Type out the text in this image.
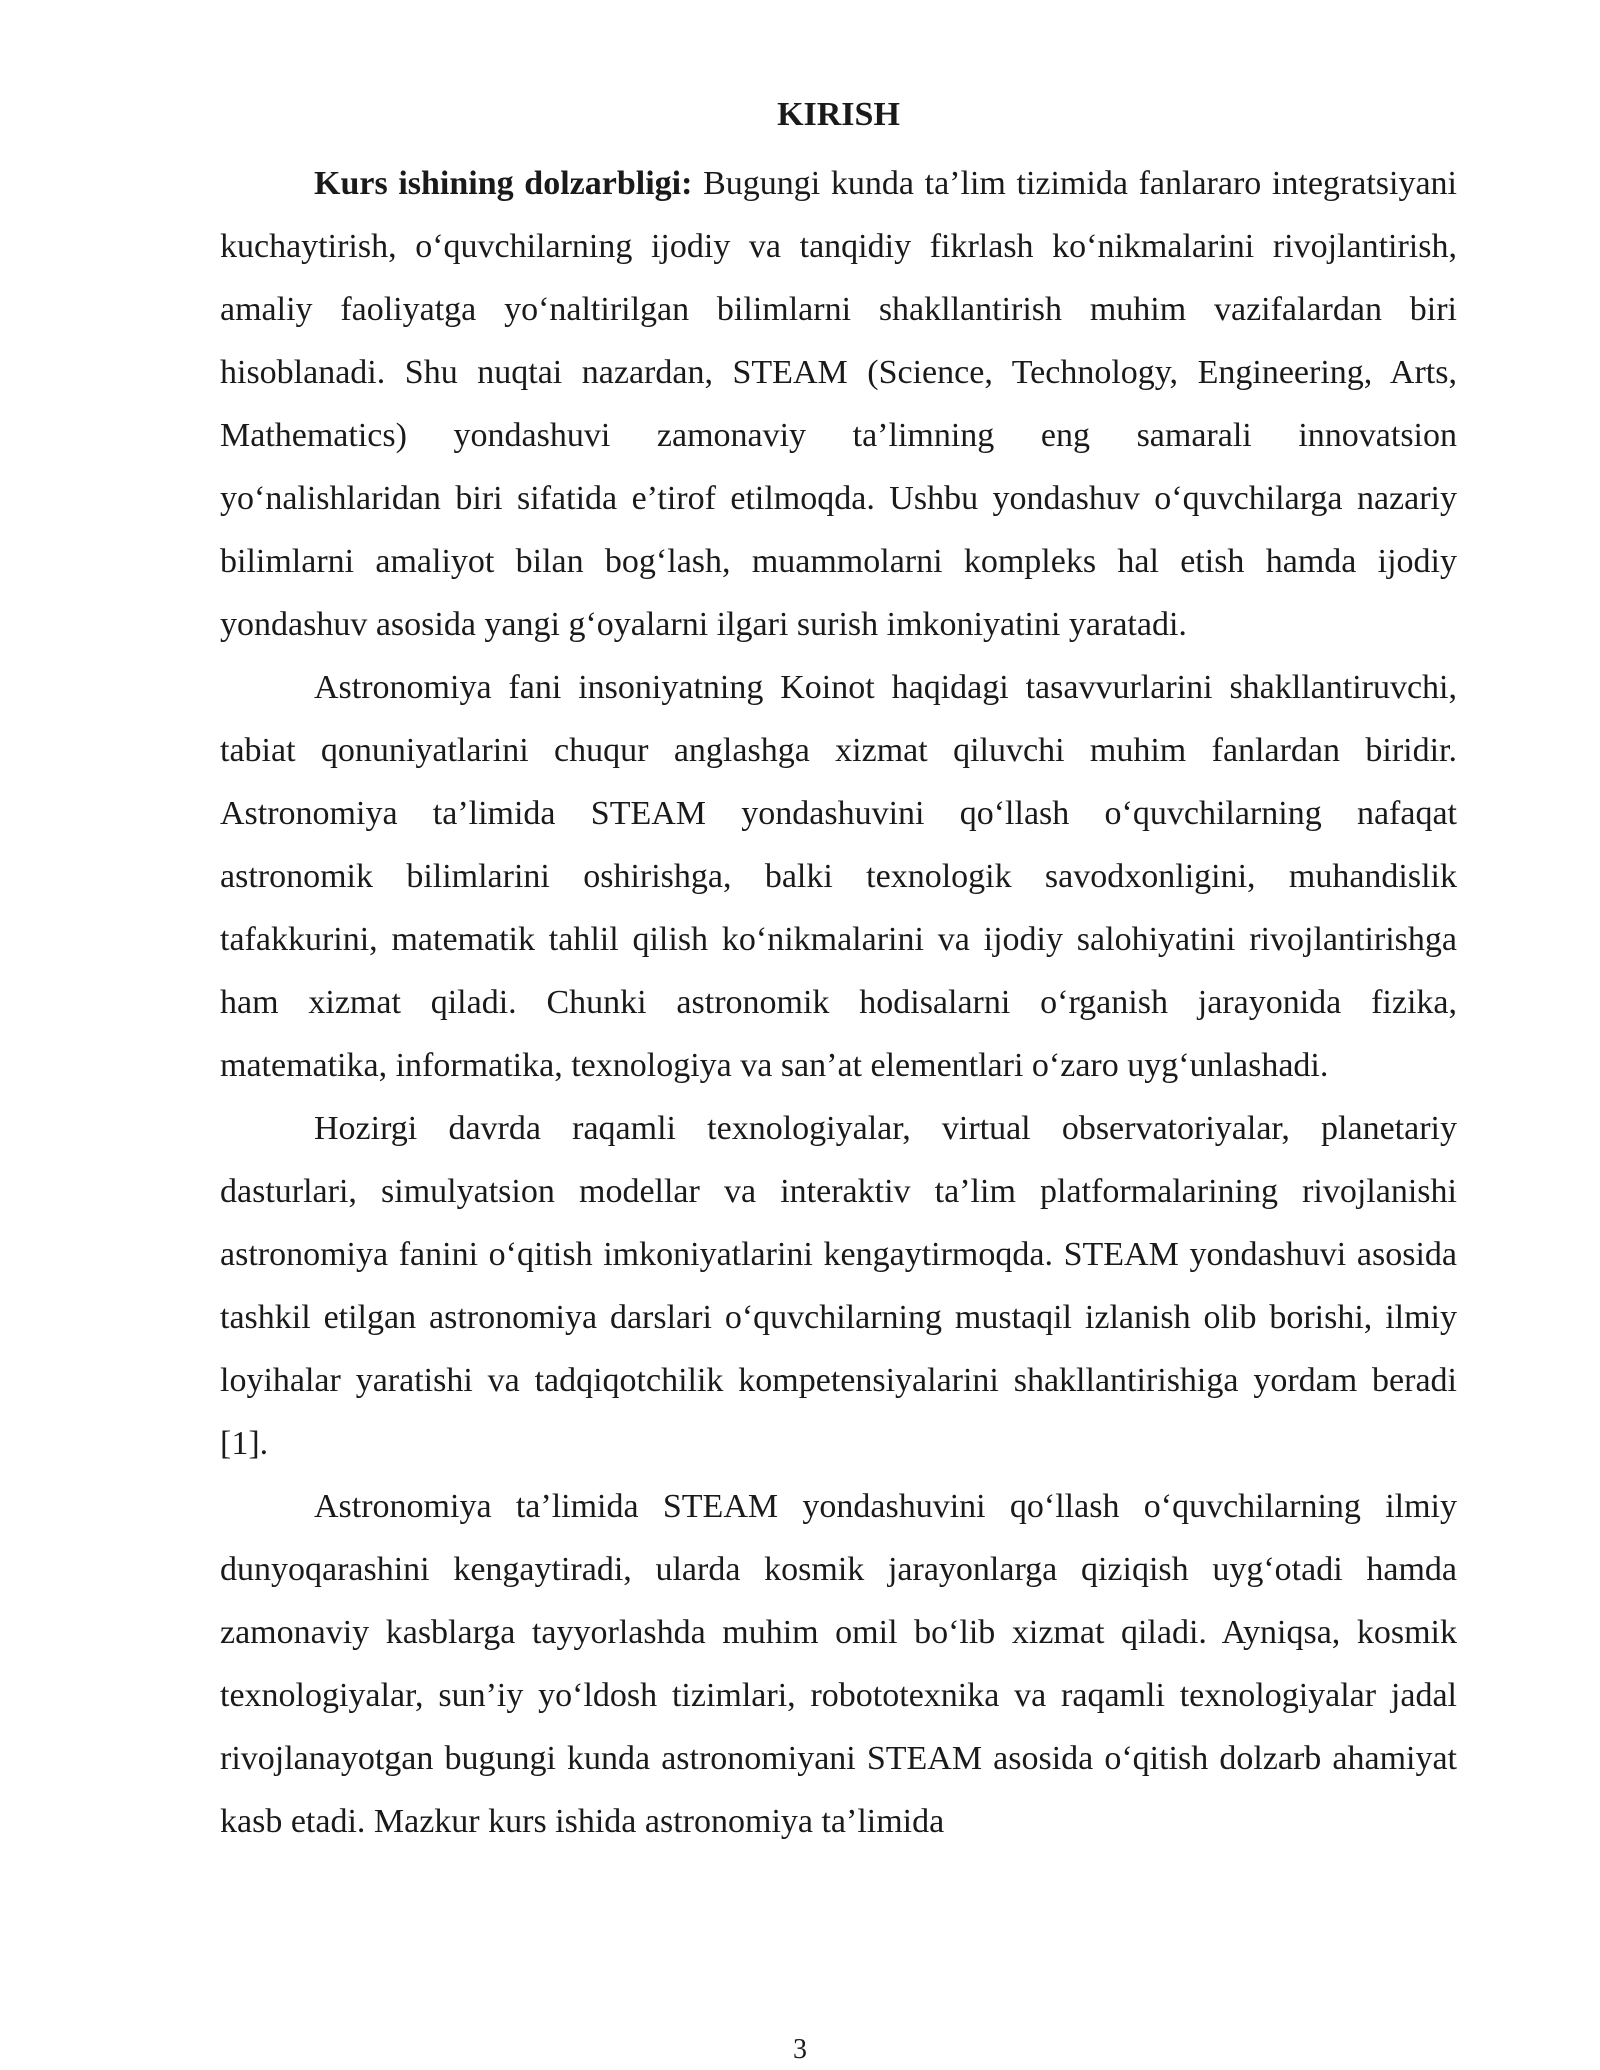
KIRISH

Kurs ishining dolzarbligi: Bugungi kunda ta’lim tizimida fanlararo integratsiyani kuchaytirish, o‘quvchilarning ijodiy va tanqidiy fikrlash ko‘nikmalarini rivojlantirish, amaliy faoliyatga yo‘naltirilgan bilimlarni shakllantirish muhim vazifalardan biri hisoblanadi. Shu nuqtai nazardan, STEAM (Science, Technology, Engineering, Arts, Mathematics) yondashuvi zamonaviy ta’limning eng samarali innovatsion yo‘nalishlaridan biri sifatida e’tirof etilmoqda. Ushbu yondashuv o‘quvchilarga nazariy bilimlarni amaliyot bilan bog‘lash, muammolarni kompleks hal etish hamda ijodiy yondashuv asosida yangi g‘oyalarni ilgari surish imkoniyatini yaratadi.

Astronomiya fani insoniyatning Koinot haqidagi tasavvurlarini shakllantiruvchi, tabiat qonuniyatlarini chuqur anglashga xizmat qiluvchi muhim fanlardan biridir. Astronomiya ta’limida STEAM yondashuvini qo‘llash o‘quvchilarning nafaqat astronomik bilimlarini oshirishga, balki texnologik savodxonligini, muhandislik tafakkurini, matematik tahlil qilish ko‘nikmalarini va ijodiy salohiyatini rivojlantirishga ham xizmat qiladi. Chunki astronomik hodisalarni o‘rganish jarayonida fizika, matematika, informatika, texnologiya va san’at elementlari o‘zaro uyg‘unlashadi.

Hozirgi davrda raqamli texnologiyalar, virtual observatoriyalar, planetariy dasturlari, simulyatsion modellar va interaktiv ta’lim platformalarining rivojlanishi astronomiya fanini o‘qitish imkoniyatlarini kengaytirmoqda. STEAM yondashuvi asosida tashkil etilgan astronomiya darslari o‘quvchilarning mustaqil izlanish olib borishi, ilmiy loyihalar yaratishi va tadqiqotchilik kompetensiyalarini shakllantirishiga yordam beradi [1].

Astronomiya ta’limida STEAM yondashuvini qo‘llash o‘quvchilarning ilmiy dunyoqarashini kengaytiradi, ularda kosmik jarayonlarga qiziqish uyg‘otadi hamda zamonaviy kasblarga tayyorlashda muhim omil bo‘lib xizmat qiladi. Ayniqsa, kosmik texnologiyalar, sun’iy yo‘ldosh tizimlari, robototexnika va raqamli texnologiyalar jadal rivojlanayotgan bugungi kunda astronomiyani STEAM asosida o‘qitish dolzarb ahamiyat kasb etadi. Mazkur kurs ishida astronomiya ta’limida

3
